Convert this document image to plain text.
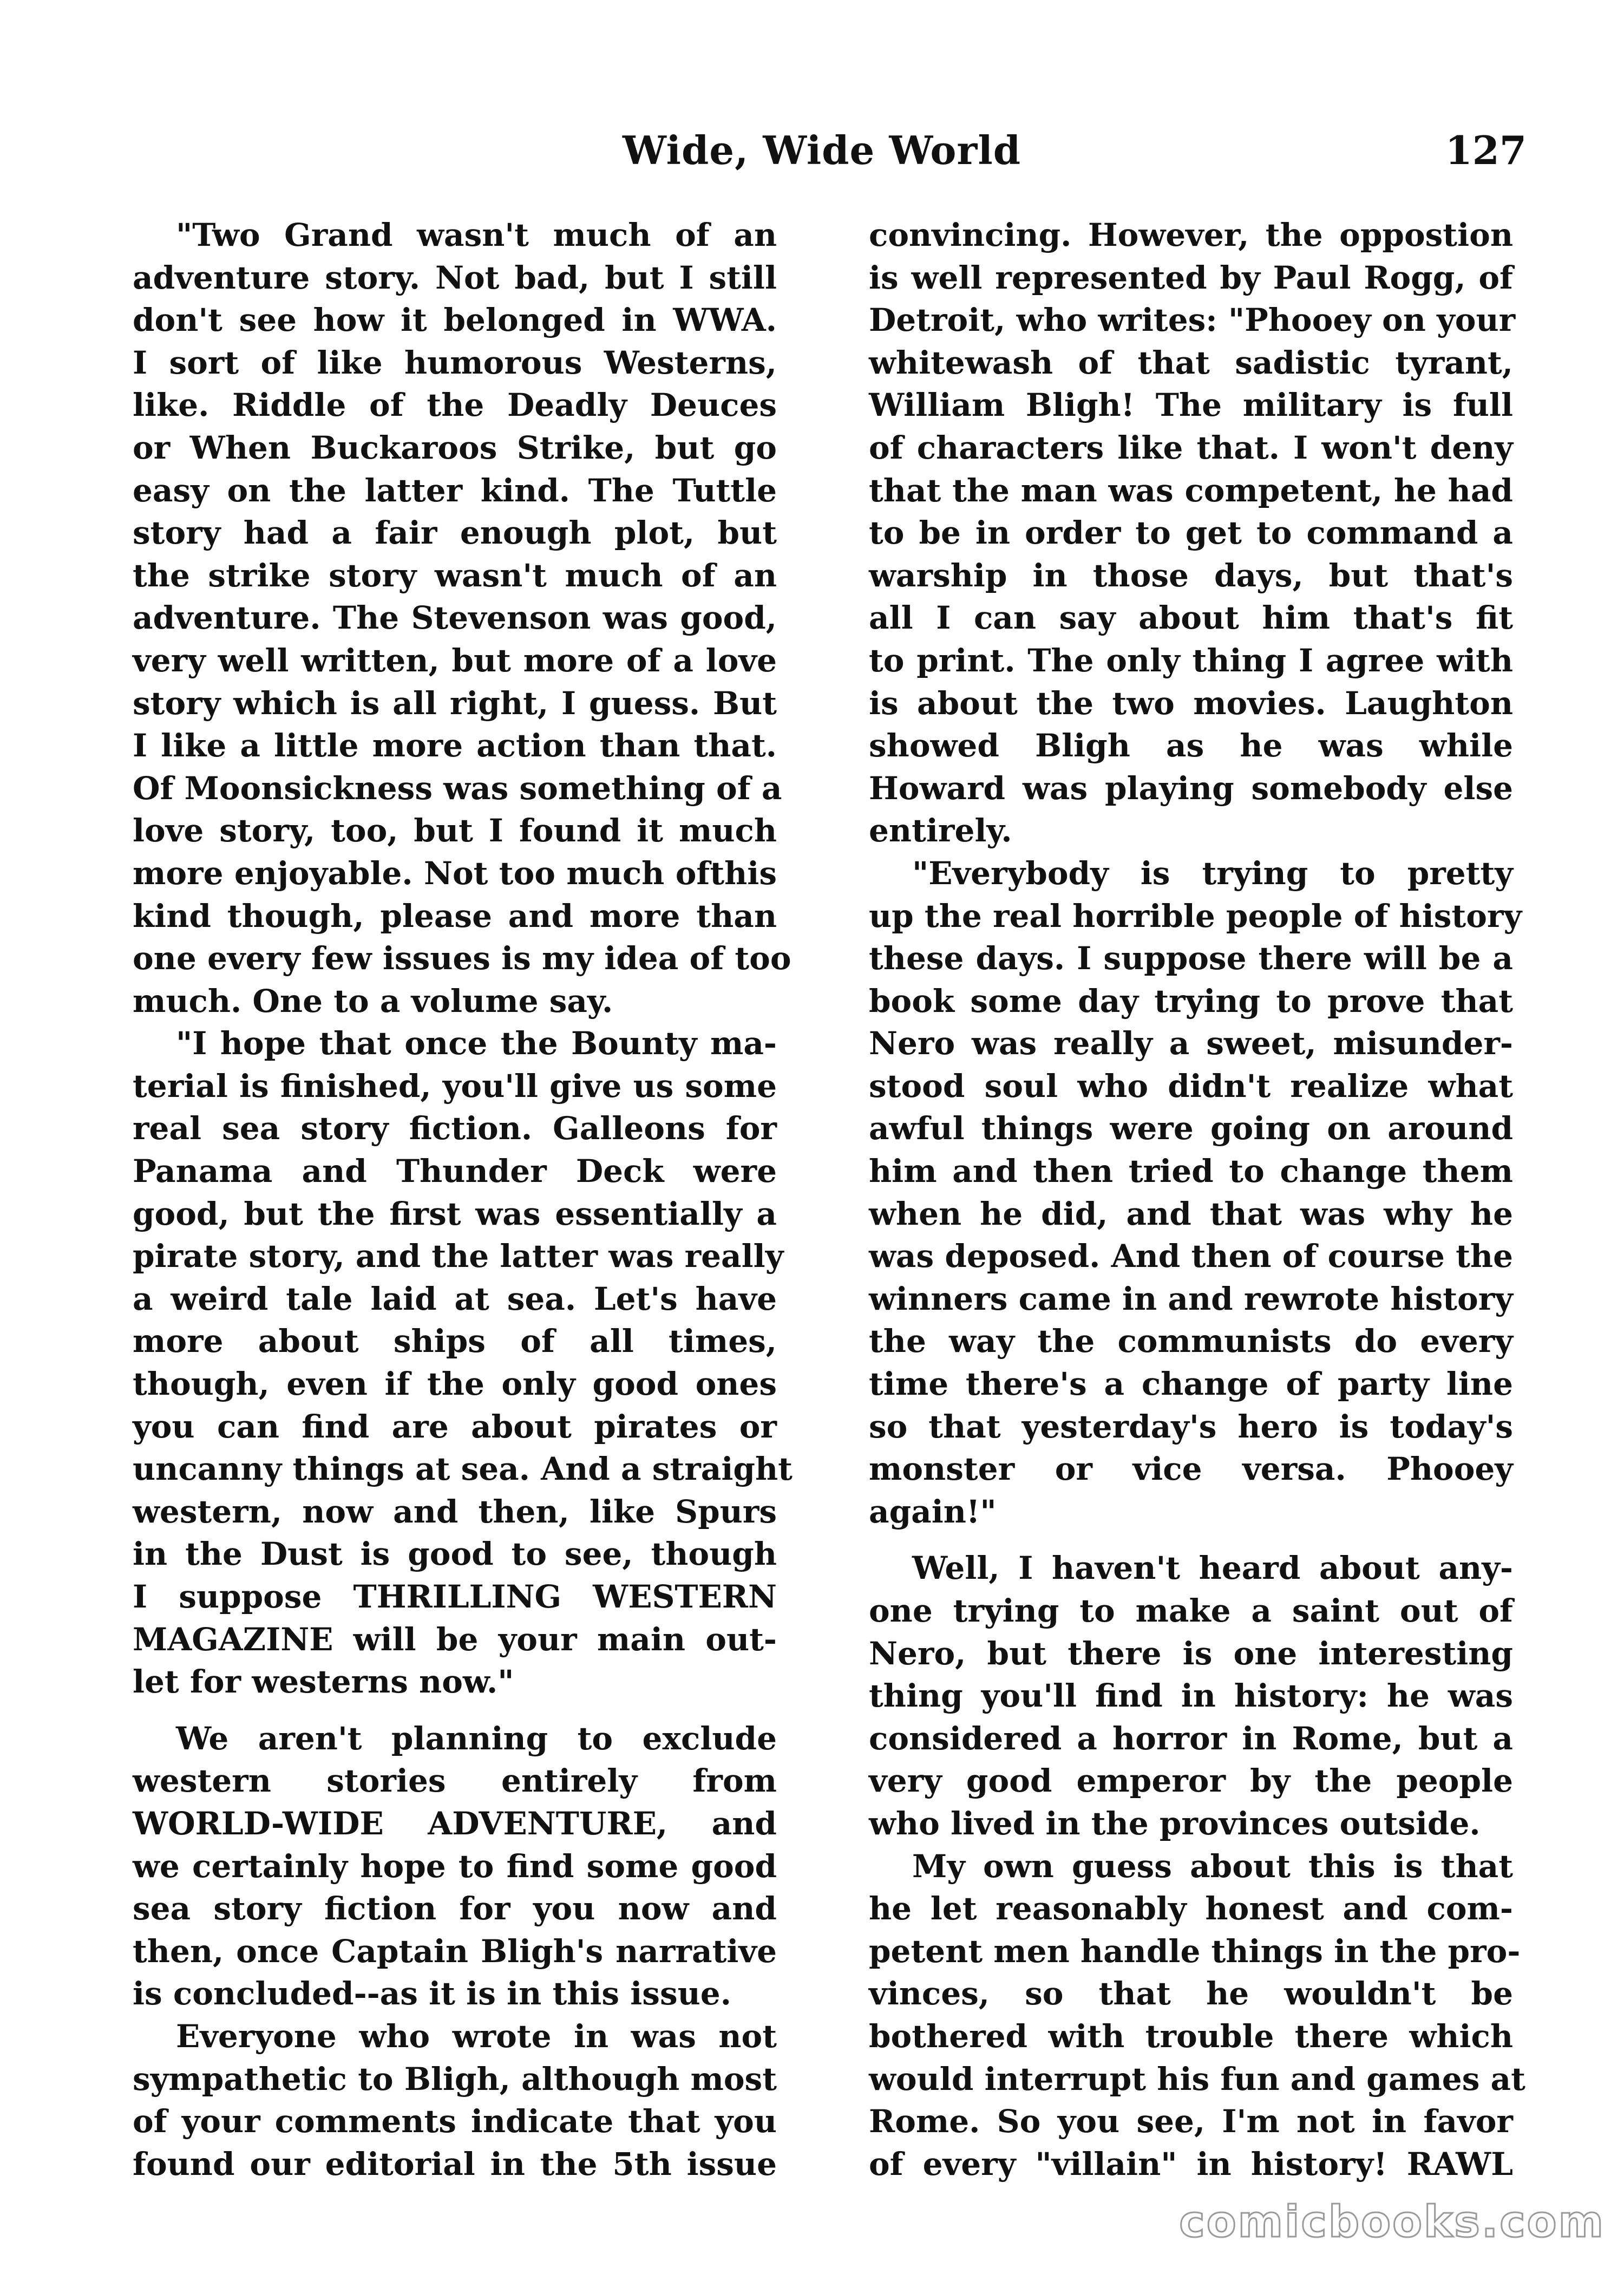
Wide, Wide World	127

"Two Grand wasn't much of an
adventure story. Not bad, but I still
don't see how it belonged in WWA.
I sort of like humorous Westerns,
like. Riddle of the Deadly Deuces
or When Buckaroos Strike, but go
easy on the latter kind. The Tuttle
story had a fair enough plot, but
the strike story wasn't much of an
adventure. The Stevenson was good,
very well written, but more of a love
story which is all right, I guess. But
I like a little more action than that.
Of Moonsickness was something of a
love story, too, but I found it much
more enjoyable. Not too much ofthis
kind though, please and more than
one every few issues is my idea of too
much. One to a volume say.

"I hope that once the Bounty ma-
terial is finished, you'll give us some
real sea story fiction. Galleons for
Panama and Thunder Deck were
good, but the first was essentially a
pirate story, and the latter was really
a weird tale laid at sea. Let's have
more about ships of all times,
though, even if the only good ones
you can find are about pirates or
uncanny things at sea. And a straight
western, now and then, like Spurs
in the Dust is good to see, though
I suppose THRILLING WESTERN
MAGAZINE will be your main out-
let for westerns now."

We aren't planning to exclude
western stories entirely from
WORLD-WIDE ADVENTURE, and
we certainly hope to find some good
sea story fiction for you now and
then, once Captain Bligh's narrative
is concluded--as it is in this issue.

Everyone who wrote in was not
sympathetic to Bligh, although most
of your comments indicate that you
found our editorial in the 5th issue

convincing. However, the oppostion
is well represented by Paul Rogg, of
Detroit, who writes: "Phooey on your
whitewash of that sadistic tyrant,
William Bligh! The military is full
of characters like that. I won't deny
that the man was competent, he had
to be in order to get to command a
warship in those days, but that's
all I can say about him that's fit
to print. The only thing I agree with
is about the two movies. Laughton
showed Bligh as he was while
Howard was playing somebody else
entirely.

"Everybody is trying to pretty
up the real horrible people of history
these days. I suppose there will be a
book some day trying to prove that
Nero was really a sweet, misunder-
stood soul who didn't realize what
awful things were going on around
him and then tried to change them
when he did, and that was why he
was deposed. And then of course the
winners came in and rewrote history
the way the communists do every
time there's a change of party line
so that yesterday's hero is today's
monster or vice versa. Phooey
again!"

Well, I haven't heard about any-
one trying to make a saint out of
Nero, but there is one interesting
thing you'll find in history: he was
considered a horror in Rome, but a
very good emperor by the people
who lived in the provinces outside.

My own guess about this is that
he let reasonably honest and com-
petent men handle things in the pro-
vinces, so that he wouldn't be
bothered with trouble there which
would interrupt his fun and games at
Rome. So you see, I'm not in favor
of every "villain" in history! RAWL

comicbooks.com
